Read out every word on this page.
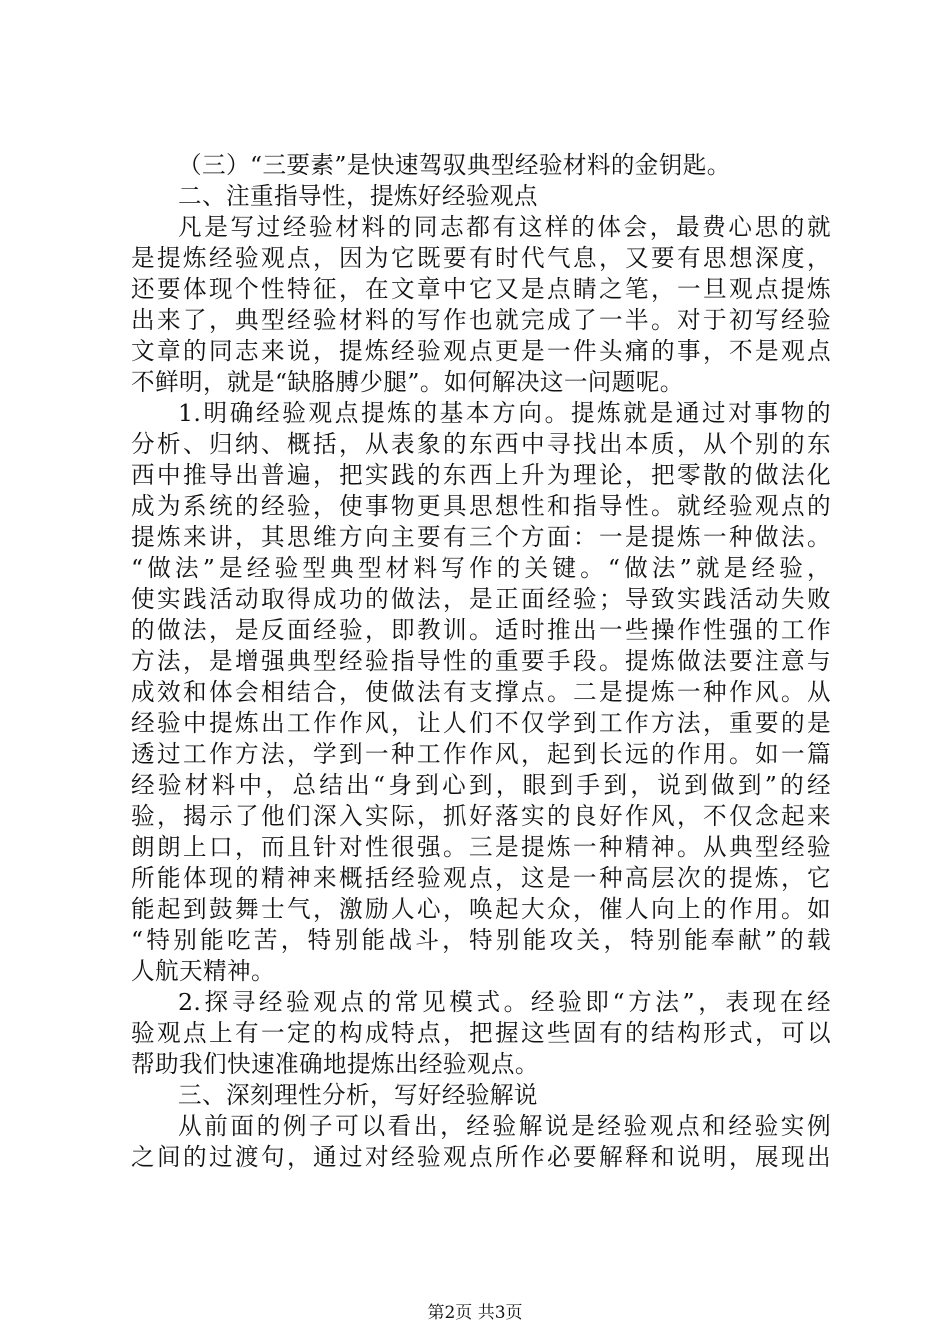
（三）“三要素”是快速驾驭典型经验材料的金钥匙。
二、注重指导性，提炼好经验观点
凡是写过经验材料的同志都有这样的体会，最费心思的就
是提炼经验观点，因为它既要有时代气息，又要有思想深度，
还要体现个性特征，在文章中它又是点睛之笔，一旦观点提炼
出来了，典型经验材料的写作也就完成了一半。对于初写经验
文章的同志来说，提炼经验观点更是一件头痛的事，不是观点
不鲜明，就是“缺胳膊少腿”。如何解决这一问题呢。
1.明确经验观点提炼的基本方向。提炼就是通过对事物的
分析、归纳、概括，从表象的东西中寻找出本质，从个别的东
西中推导出普遍，把实践的东西上升为理论，把零散的做法化
成为系统的经验，使事物更具思想性和指导性。就经验观点的
提炼来讲，其思维方向主要有三个方面：一是提炼一种做法。
“做法”是经验型典型材料写作的关键。“做法”就是经验，
使实践活动取得成功的做法，是正面经验；导致实践活动失败
的做法，是反面经验，即教训。适时推出一些操作性强的工作
方法，是增强典型经验指导性的重要手段。提炼做法要注意与
成效和体会相结合，使做法有支撑点。二是提炼一种作风。从
经验中提炼出工作作风，让人们不仅学到工作方法，重要的是
透过工作方法，学到一种工作作风，起到长远的作用。如一篇
经验材料中，总结出“身到心到，眼到手到，说到做到”的经
验，揭示了他们深入实际，抓好落实的良好作风，不仅念起来
朗朗上口，而且针对性很强。三是提炼一种精神。从典型经验
所能体现的精神来概括经验观点，这是一种高层次的提炼，它
能起到鼓舞士气，激励人心，唤起大众，催人向上的作用。如
“特别能吃苦，特别能战斗，特别能攻关，特别能奉献”的载
人航天精神。
2.探寻经验观点的常见模式。经验即“方法”，表现在经
验观点上有一定的构成特点，把握这些固有的结构形式，可以
帮助我们快速准确地提炼出经验观点。
三、深刻理性分析，写好经验解说
从前面的例子可以看出，经验解说是经验观点和经验实例
之间的过渡句，通过对经验观点所作必要解释和说明，展现出
第2页 共3页
